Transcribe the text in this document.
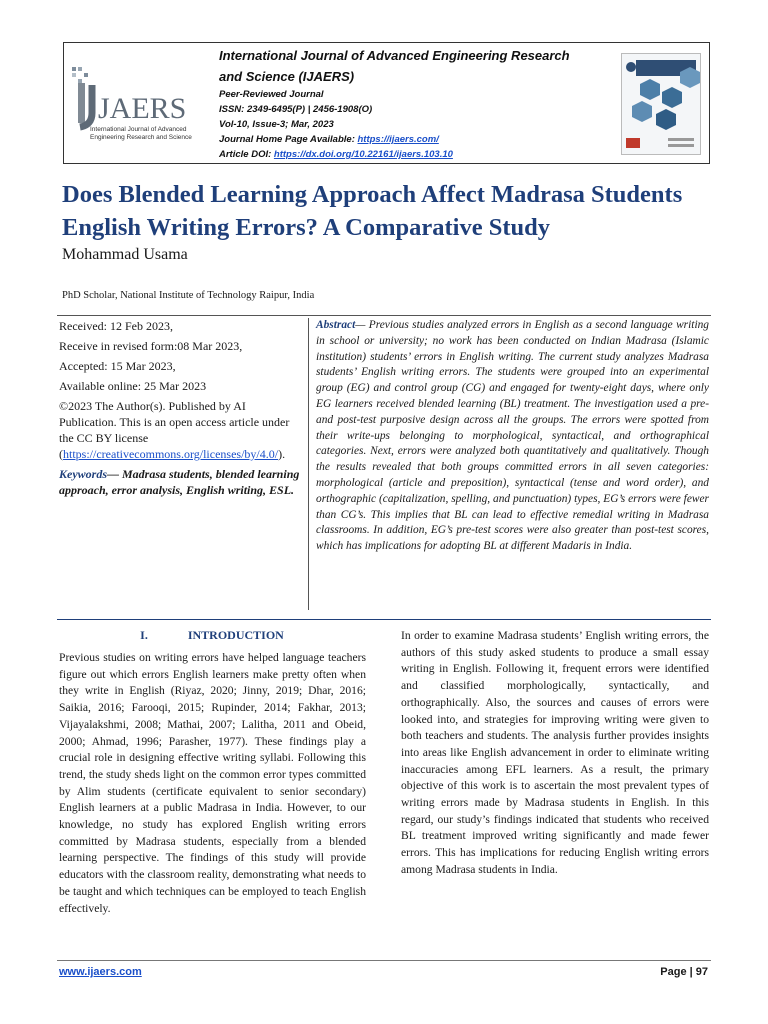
JAERS
International Journal of Advanced
Engineering Research and Science
International Journal of Advanced Engineering Research
and Science (IJAERS)
Peer-Reviewed Journal
ISSN: 2349-6495(P) | 2456-1908(O)
Vol-10, Issue-3; Mar, 2023
Journal Home Page Available: https://ijaers.com/
Article DOI: https://dx.doi.org/10.22161/ijaers.103.10
Does Blended Learning Approach Affect Madrasa Students English Writing Errors? A Comparative Study

Mohammad Usama

PhD Scholar, National Institute of Technology Raipur, India

Received: 12 Feb 2023,

Receive in revised form:08 Mar 2023,

Accepted: 15 Mar 2023,

Available online: 25 Mar 2023

©2023 The Author(s). Published by AI Publication. This is an open access article under the CC BY license (https://creativecommons.org/licenses/by/4.0/).

Keywords— Madrasa students, blended learning approach, error analysis, English writing, ESL.

Abstract— Previous studies analyzed errors in English as a second language writing in school or university; no work has been conducted on Indian Madrasa (Islamic institution) students’ errors in English writing. The current study analyzes Madrasa students’ English writing errors. The students were grouped into an experimental group (EG) and control group (CG) and engaged for twenty-eight days, where only EG learners received blended learning (BL) treatment. The investigation used a pre-and post-test purposive design across all the groups. The errors were spotted from their write-ups belonging to morphological, syntactical, and orthographical categories. Next, errors were analyzed both quantitatively and qualitatively. Though the results revealed that both groups committed errors in all seven categories: morphological (article and preposition), syntactical (tense and word order), and orthographic (capitalization, spelling, and punctuation) types, EG’s errors were fewer than CG’s. This implies that BL can lead to effective remedial writing in Madrasa classrooms. In addition, EG’s pre-test scores were also greater than post-test scores, which has implications for adopting BL at different Madaris in India.

I.	INTRODUCTION

Previous studies on writing errors have helped language teachers figure out which errors English learners make pretty often when they write in English (Riyaz, 2020; Jinny, 2019; Dhar, 2016; Saikia, 2016; Farooqi, 2015; Rupinder, 2014; Fakhar, 2013; Vijayalakshmi, 2008; Mathai, 2007; Lalitha, 2011 and Obeid, 2000; Ahmad, 1996; Parasher, 1977). These findings play a crucial role in designing effective writing syllabi. Following this trend, the study sheds light on the common error types committed by Alim students (certificate equivalent to senior secondary) English learners at a public Madrasa in India. However, to our knowledge, no study has explored English writing errors committed by Madrasa students, especially from a blended learning perspective. The findings of this study will provide educators with the classroom reality, demonstrating what needs to be taught and which techniques can be employed to teach English effectively.

In order to examine Madrasa students’ English writing errors, the authors of this study asked students to produce a small essay writing in English. Following it, frequent errors were identified and classified morphologically, syntactically, and orthographically. Also, the sources and causes of errors were looked into, and strategies for improving writing were given to both teachers and students. The analysis further provides insights into areas like English advancement in order to eliminate writing inaccuracies among EFL learners. As a result, the primary objective of this work is to ascertain the most prevalent types of writing errors made by Madrasa students in English. In this regard, our study’s findings indicated that students who received BL treatment improved writing significantly and made fewer errors. This has implications for reducing English writing errors among Madrasa students in India.

www.ijaers.com	Page | 97
